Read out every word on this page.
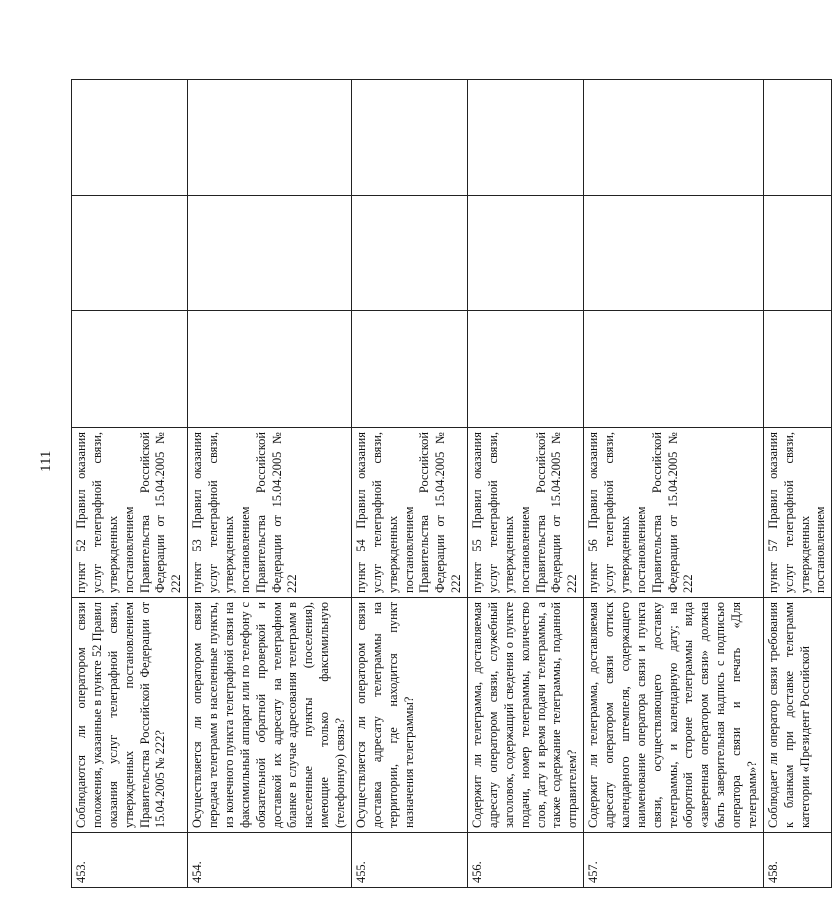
111
453.	Соблюдаются ли оператором связи положения, указанные в пункте 52 Правил оказания услуг телеграфной связи, утвержденных постановлением Правительства Российской Федерации от 15.04.2005 № 222?	пункт 52 Правил оказания услуг телеграфной связи, утвержденных постановлением Правительства Российской Федерации от 15.04.2005 № 222			
454.	Осуществляется ли оператором связи передача телеграмм в населенные пункты, из конечного пункта телеграфной связи на факсимильный аппарат или по телефону с обязательной обратной проверкой и доставкой их адресату на телеграфном бланке в случае адресования телеграмм в населенные пункты (поселения), имеющие только факсимильную (телефонную) связь?	пункт 53 Правил оказания услуг телеграфной связи, утвержденных постановлением Правительства Российской Федерации от 15.04.2005 № 222			
455.	Осуществляется ли оператором связи доставка адресату телеграммы на территории, где находится пункт назначения телеграммы?	пункт 54 Правил оказания услуг телеграфной связи, утвержденных постановлением Правительства Российской Федерации от 15.04.2005 № 222			
456.	Содержит ли телеграмма, доставляемая адресату оператором связи, служебный заголовок, содержащий сведения о пункте подачи, номер телеграммы, количество слов, дату и время подачи телеграммы, а также содержание телеграммы, поданной отправителем?	пункт 55 Правил оказания услуг телеграфной связи, утвержденных постановлением Правительства Российской Федерации от 15.04.2005 № 222			
457.	Содержит ли телеграмма, доставляемая адресату оператором связи оттиск календарного штемпеля, содержащего наименование оператора связи и пункта связи, осуществляющего доставку телеграммы, и календарную дату; на оборотной стороне телеграммы вида «заверенная оператором связи» должна быть заверительная надпись с подписью оператора связи и печать «Для телеграмм»?	пункт 56 Правил оказания услуг телеграфной связи, утвержденных постановлением Правительства Российской Федерации от 15.04.2005 № 222			
458.	Соблюдает ли оператор связи требования к бланкам при доставке телеграмм категории «Президент Российской	пункт 57 Правил оказания услуг телеграфной связи, утвержденных постановлением			
